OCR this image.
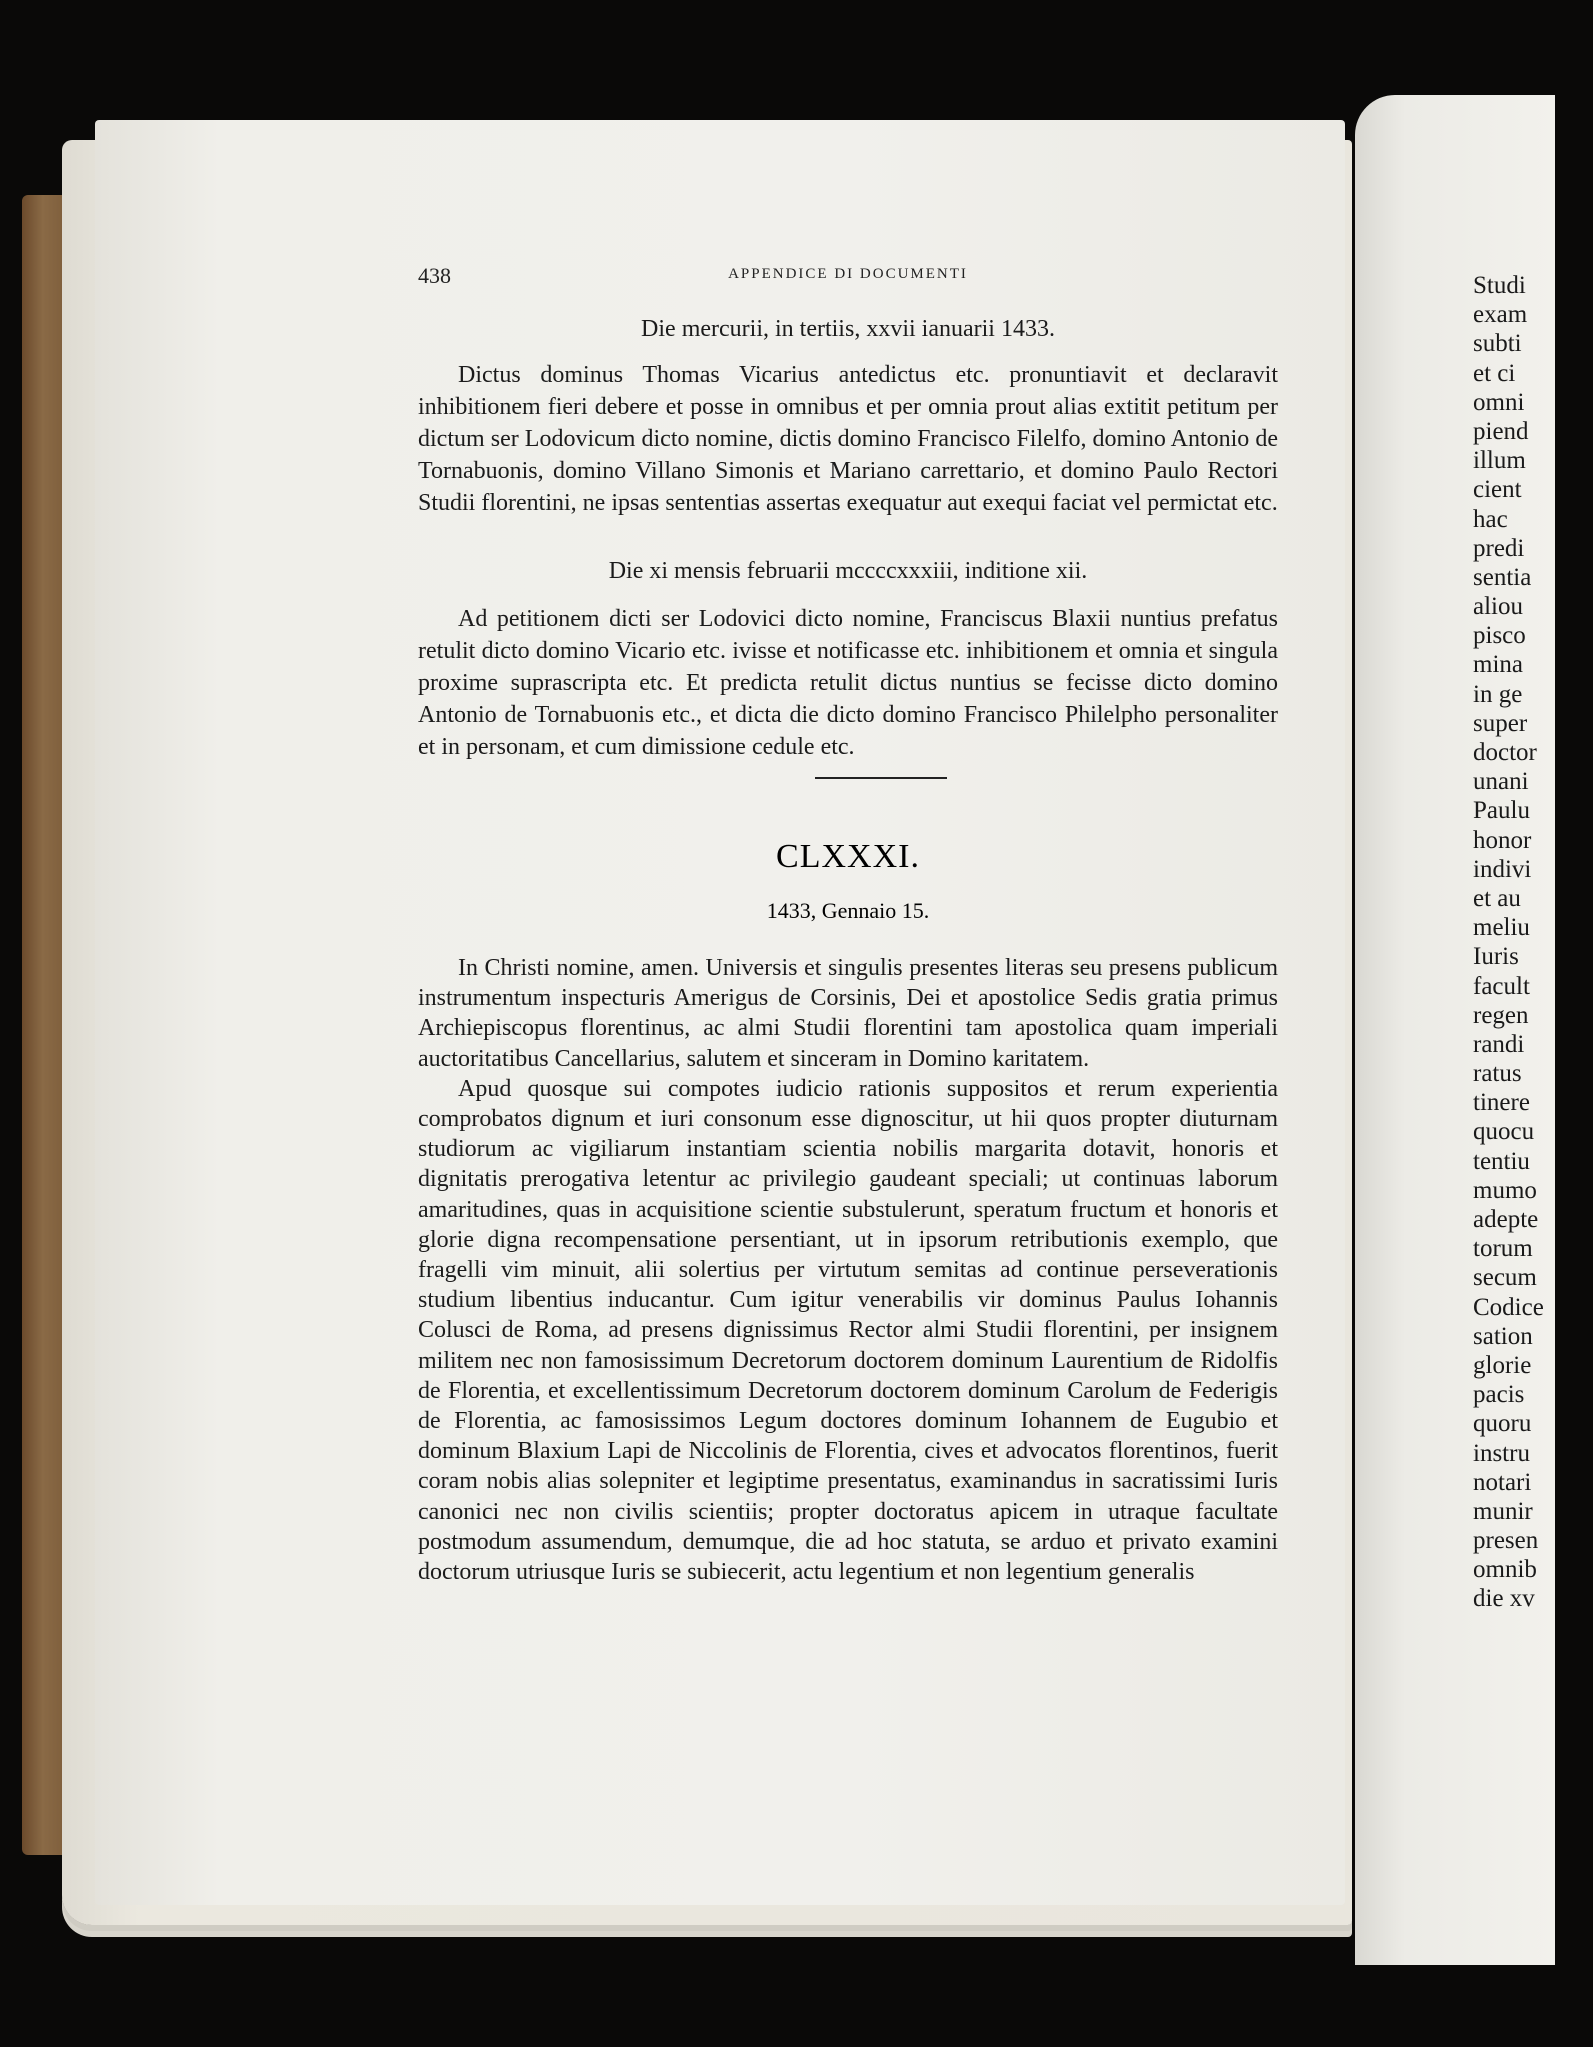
Studi
exam
subti
et ci
omni
piend
illum
cient
hac
predi
sentia
aliou
pisco
mina
in ge
super
doctor
unani
Paulu
honor
indivi
et au
meliu
Iuris
facult
regen
randi
ratus
tinere
quocu
tentiu
mumo
adepte
torum
secum
Codice
sation
glorie
pacis
quoru
instru
notari
munir
presen
omnib
die xv
438	APPENDICE DI DOCUMENTI
Die mercurii, in tertiis, xxvii ianuarii 1433.

Dictus dominus Thomas Vicarius antedictus etc. pronuntiavit et declaravit inhibitionem fieri debere et posse in omnibus et per omnia prout alias extitit petitum per dictum ser Lodovicum dicto nomine, dictis domino Francisco Filelfo, domino Antonio de Tornabuonis, domino Villano Simonis et Mariano carrettario, et domino Paulo Rectori Studii florentini, ne ipsas sententias assertas exequatur aut exequi faciat vel permictat etc.

Die xi mensis februarii mccccxxxiii, inditione xii.

Ad petitionem dicti ser Lodovici dicto nomine, Franciscus Blaxii nuntius prefatus retulit dicto domino Vicario etc. ivisse et notificasse etc. inhibitionem et omnia et singula proxime suprascripta etc. Et predicta retulit dictus nuntius se fecisse dicto domino Antonio de Tornabuonis etc., et dicta die dicto domino Francisco Philelpho personaliter et in personam, et cum dimissione cedule etc.

CLXXXI.
1433, Gennaio 15.

In Christi nomine, amen. Universis et singulis presentes literas seu presens publicum instrumentum inspecturis Amerigus de Corsinis, Dei et apostolice Sedis gratia primus Archiepiscopus florentinus, ac almi Studii florentini tam apostolica quam imperiali auctoritatibus Cancellarius, salutem et sinceram in Domino karitatem.

Apud quosque sui compotes iudicio rationis suppositos et rerum experientia comprobatos dignum et iuri consonum esse dignoscitur, ut hii quos propter diuturnam studiorum ac vigiliarum instantiam scientia nobilis margarita dotavit, honoris et dignitatis prerogativa letentur ac privilegio gaudeant speciali; ut continuas laborum amaritudines, quas in acquisitione scientie substulerunt, speratum fructum et honoris et glorie digna recompensatione persentiant, ut in ipsorum retributionis exemplo, que fragelli vim minuit, alii solertius per virtutum semitas ad continue perseverationis studium libentius inducantur. Cum igitur venerabilis vir dominus Paulus Iohannis Colusci de Roma, ad presens dignissimus Rector almi Studii florentini, per insignem militem nec non famosissimum Decretorum doctorem dominum Laurentium de Ridolfis de Florentia, et excellentissimum Decretorum doctorem dominum Carolum de Federigis de Florentia, ac famosissimos Legum doctores dominum Iohannem de Eugubio et dominum Blaxium Lapi de Niccolinis de Florentia, cives et advocatos florentinos, fuerit coram nobis alias solepniter et legiptime presentatus, examinandus in sacratissimi Iuris canonici nec non civilis scientiis; propter doctoratus apicem in utraque facultate postmodum assumendum, demumque, die ad hoc statuta, se arduo et privato examini doctorum utriusque Iuris se subiecerit, actu legentium et non legentium generalis
